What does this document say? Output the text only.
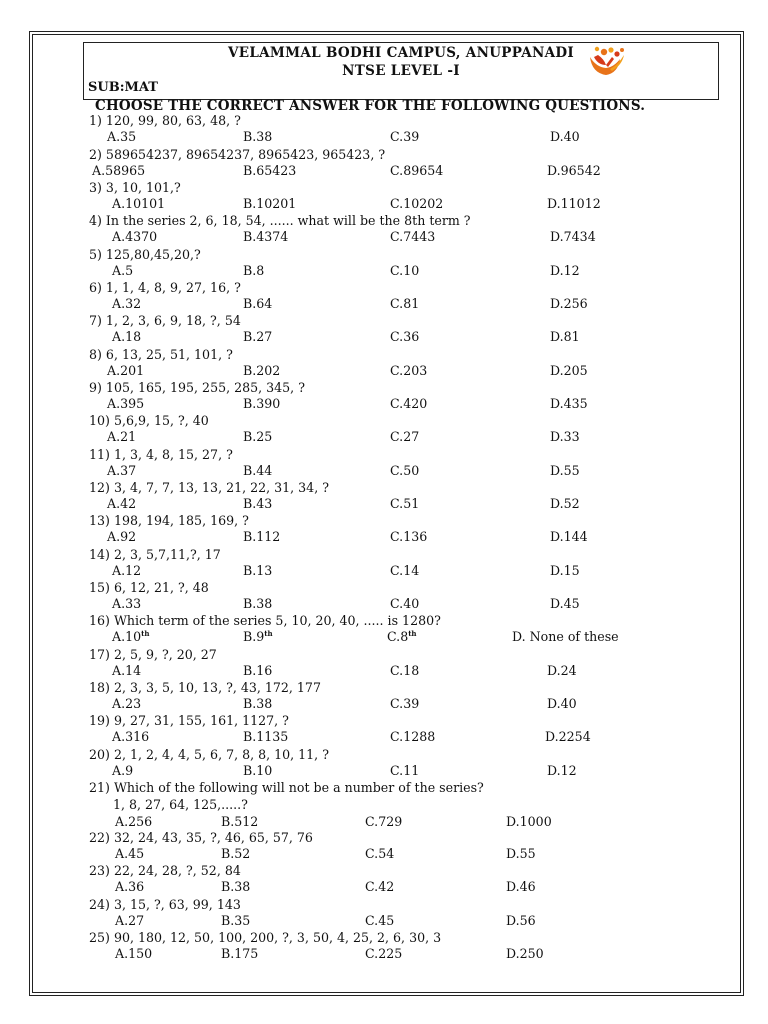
VELAMMAL BODHI CAMPUS, ANUPPANADI
NTSE LEVEL -I
SUB:MAT
CHOOSE THE CORRECT ANSWER FOR THE FOLLOWING QUESTIONS.
1) 120, 99, 80, 63, 48, ?
A.35	B.38	C.39	D.40
2) 589654237, 89654237, 8965423, 965423, ?
A.58965	B.65423	C.89654	D.96542
3) 3, 10, 101,?
A.10101	B.10201	C.10202	D.11012
4) In the series 2, 6, 18, 54, ...... what will be the 8th term ?
A.4370	B.4374	C.7443	D.7434
5) 125,80,45,20,?
A.5	B.8	C.10	D.12
6) 1, 1, 4, 8, 9, 27, 16, ?
A.32	B.64	C.81	D.256
7) 1, 2, 3, 6, 9, 18, ?, 54
A.18	B.27	C.36	D.81
8) 6, 13, 25, 51, 101, ?
A.201	B.202	C.203	D.205
9) 105, 165, 195, 255, 285, 345, ?
A.395	B.390	C.420	D.435
10) 5,6,9, 15, ?, 40
A.21	B.25	C.27	D.33
11) 1, 3, 4, 8, 15, 27, ?
A.37	B.44	C.50	D.55
12) 3, 4, 7, 7, 13, 13, 21, 22, 31, 34, ?
A.42	B.43	C.51	D.52
13) 198, 194, 185, 169, ?
A.92	B.112	C.136	D.144
14) 2, 3, 5,7,11,?, 17
A.12	B.13	C.14	D.15
15) 6, 12, 21, ?, 48
A.33	B.38	C.40	D.45
16) Which term of the series 5, 10, 20, 40, ..... is 1280?
A.10th	B.9th	C.8th	D. None of these
17) 2, 5, 9, ?, 20, 27
A.14	B.16	C.18	D.24
18) 2, 3, 3, 5, 10, 13, ?, 43, 172, 177
A.23	B.38	C.39	D.40
19) 9, 27, 31, 155, 161, 1127, ?
A.316	B.1135	C.1288	D.2254
20) 2, 1, 2, 4, 4, 5, 6, 7, 8, 8, 10, 11, ?
A.9	B.10	C.11	D.12
21) Which of the following will not be a number of the series?
1, 8, 27, 64, 125,.....?
A.256	B.512	C.729	D.1000
22) 32, 24, 43, 35, ?, 46, 65, 57, 76
A.45	B.52	C.54	D.55
23) 22, 24, 28, ?, 52, 84
A.36	B.38	C.42	D.46
24) 3, 15, ?, 63, 99, 143
A.27	B.35	C.45	D.56
25) 90, 180, 12, 50, 100, 200, ?, 3, 50, 4, 25, 2, 6, 30, 3
A.150	B.175	C.225	D.250
